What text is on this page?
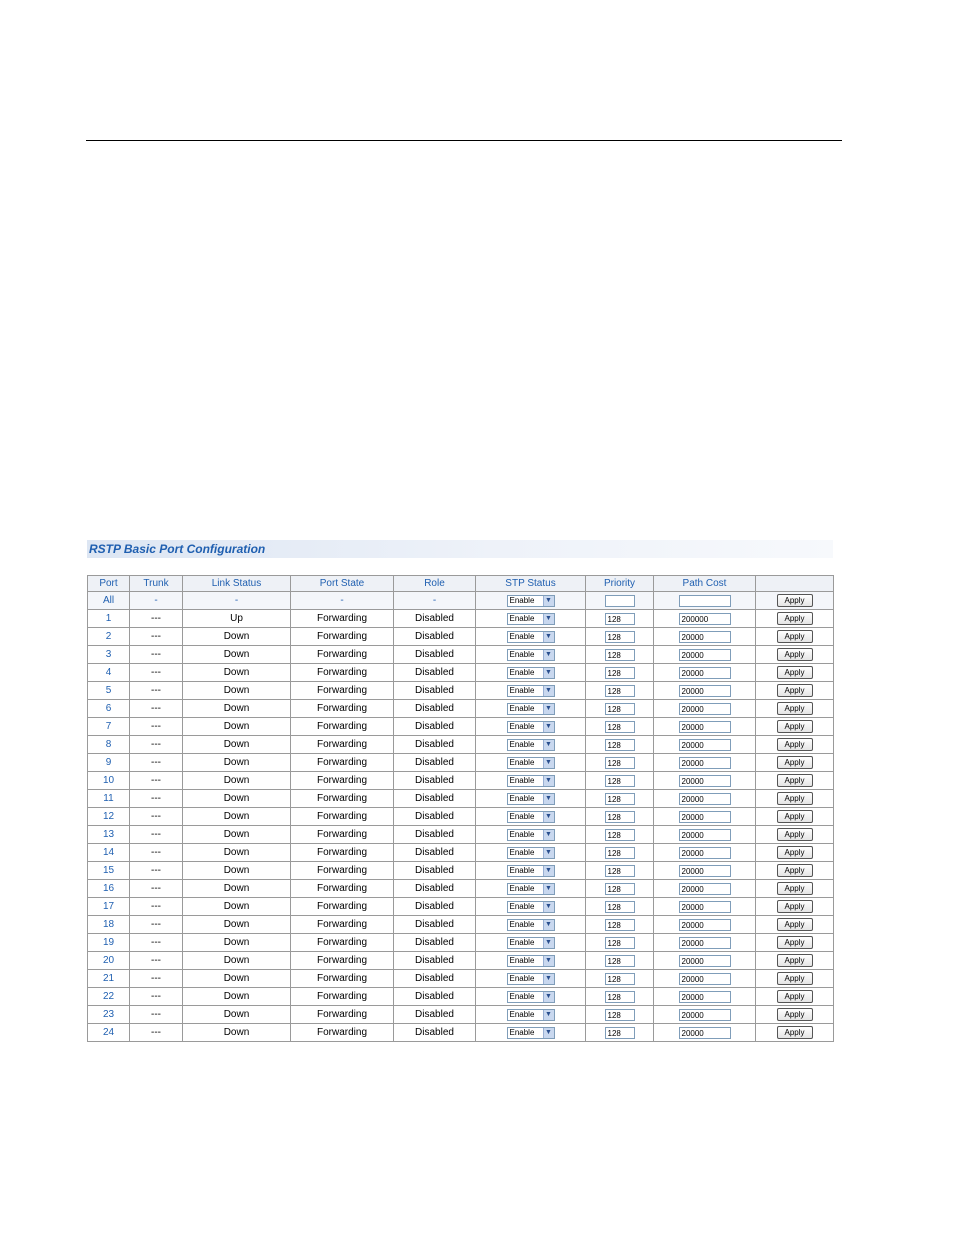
RSTP Basic Port Configuration
Port	Trunk	Link Status	Port State	Role	STP Status	Priority	Path Cost	
All	-	-	-	-	Enable ▼			Apply
1	---	Up	Forwarding	Disabled	Enable ▼	128	200000	Apply
2	---	Down	Forwarding	Disabled	Enable ▼	128	20000	Apply
3	---	Down	Forwarding	Disabled	Enable ▼	128	20000	Apply
4	---	Down	Forwarding	Disabled	Enable ▼	128	20000	Apply
5	---	Down	Forwarding	Disabled	Enable ▼	128	20000	Apply
6	---	Down	Forwarding	Disabled	Enable ▼	128	20000	Apply
7	---	Down	Forwarding	Disabled	Enable ▼	128	20000	Apply
8	---	Down	Forwarding	Disabled	Enable ▼	128	20000	Apply
9	---	Down	Forwarding	Disabled	Enable ▼	128	20000	Apply
10	---	Down	Forwarding	Disabled	Enable ▼	128	20000	Apply
11	---	Down	Forwarding	Disabled	Enable ▼	128	20000	Apply
12	---	Down	Forwarding	Disabled	Enable ▼	128	20000	Apply
13	---	Down	Forwarding	Disabled	Enable ▼	128	20000	Apply
14	---	Down	Forwarding	Disabled	Enable ▼	128	20000	Apply
15	---	Down	Forwarding	Disabled	Enable ▼	128	20000	Apply
16	---	Down	Forwarding	Disabled	Enable ▼	128	20000	Apply
17	---	Down	Forwarding	Disabled	Enable ▼	128	20000	Apply
18	---	Down	Forwarding	Disabled	Enable ▼	128	20000	Apply
19	---	Down	Forwarding	Disabled	Enable ▼	128	20000	Apply
20	---	Down	Forwarding	Disabled	Enable ▼	128	20000	Apply
21	---	Down	Forwarding	Disabled	Enable ▼	128	20000	Apply
22	---	Down	Forwarding	Disabled	Enable ▼	128	20000	Apply
23	---	Down	Forwarding	Disabled	Enable ▼	128	20000	Apply
24	---	Down	Forwarding	Disabled	Enable ▼	128	20000	Apply
